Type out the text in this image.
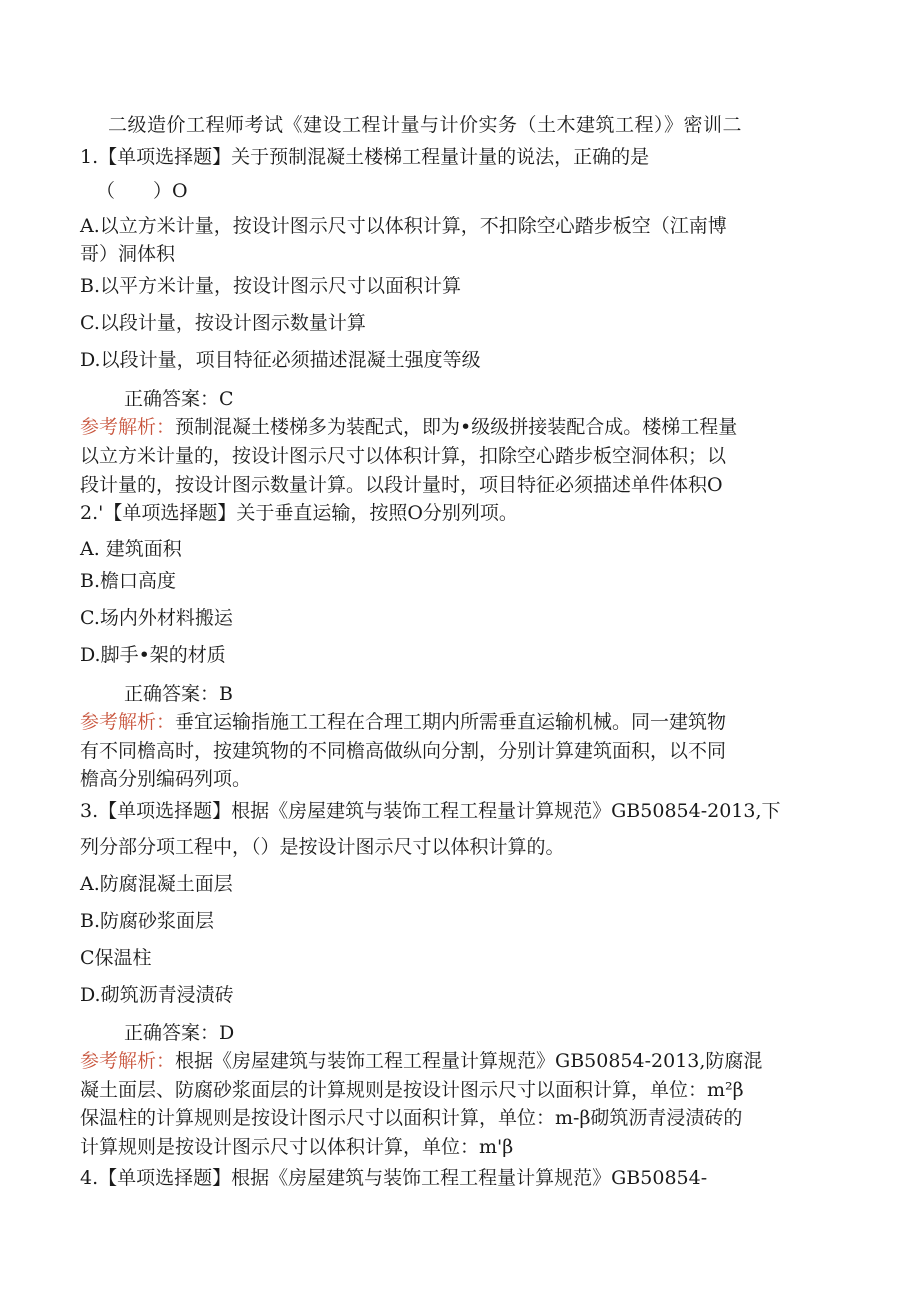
二级造价工程师考试《建设工程计量与计价实务（土木建筑工程）》密训二
1.【单项选择题】关于预制混凝土楼梯工程量计量的说法，正确的是
（　　）O
A.以立方米计量，按设计图示尺寸以体积计算，不扣除空心踏步板空（江南博
哥）洞体积
B.以平方米计量，按设计图示尺寸以面积计算
C.以段计量，按设计图示数量计算
D.以段计量，项目特征必须描述混凝土强度等级
正确答案：C
参考解析：预制混凝土楼梯多为装配式，即为•级级拼接装配合成。楼梯工程量
以立方米计量的，按设计图示尺寸以体积计算，扣除空心踏步板空洞体积；以
段计量的，按设计图示数量计算。以段计量时，项目特征必须描述单件体积O
2.'【单项选择题】关于垂直运输，按照O分别列项。
A. 建筑面积
B.檐口高度
C.场内外材料搬运
D.脚手•架的材质
正确答案：B
参考解析：垂宜运输指施工工程在合理工期内所需垂直运输机械。同一建筑物
有不同檐高时，按建筑物的不同檐高做纵向分割，分别计算建筑面积，以不同
檐高分别编码列项。
3.【单项选择题】根据《房屋建筑与装饰工程工程量计算规范》GB50854-2013,下
列分部分项工程中，（）是按设计图示尺寸以体积计算的。
A.防腐混凝土面层
B.防腐砂浆面层
C保温柱
D.砌筑沥青浸渍砖
正确答案：D
参考解析：根据《房屋建筑与装饰工程工程量计算规范》GB50854-2013,防腐混
凝土面层、防腐砂浆面层的计算规则是按设计图示尺寸以面积计算，单位：m²β
保温柱的计算规则是按设计图示尺寸以面积计算，单位：m-β砌筑沥青浸渍砖的
计算规则是按设计图示尺寸以体积计算，单位：m'β
4.【单项选择题】根据《房屋建筑与装饰工程工程量计算规范》GB50854-
